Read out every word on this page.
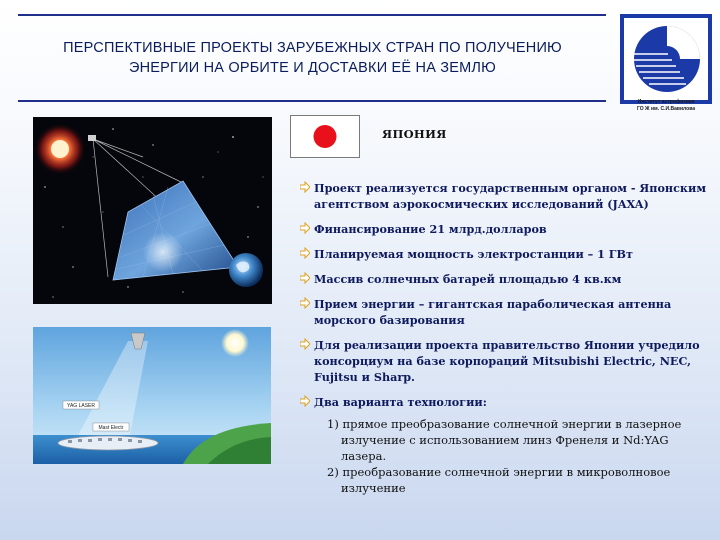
ПЕРСПЕКТИВНЫЕ ПРОЕКТЫ ЗАРУБЕЖНЫХ СТРАН ПО ПОЛУЧЕНИЮ ЭНЕРГИИ НА ОРБИТЕ И ДОСТАВКИ ЕЁ НА ЗЕМЛЮ
Институт астрофизики
ГО Ж им. С.И.Вавилова
YAG LASER
Mast Electr
ЯПОНИЯ
Проект реализуется государственным органом - Японским агентством аэрокосмических исследований (JAXA)
Финансирование 21 млрд.долларов
Планируемая мощность электростанции – 1 ГВт
Массив солнечных батарей площадью 4 кв.км
Прием энергии – гигантская параболическая антенна морского базирования
Для реализации проекта правительство Японии учредило консорциум на базе корпораций Mitsubishi Electric, NEC, Fujitsu и Sharp.
Два варианта технологии:
1) прямое преобразование солнечной энергии в лазерное
излучение с использованием линз Френеля и Nd:YAG лазера.
2) преобразование солнечной энергии в микроволновое
излучение
